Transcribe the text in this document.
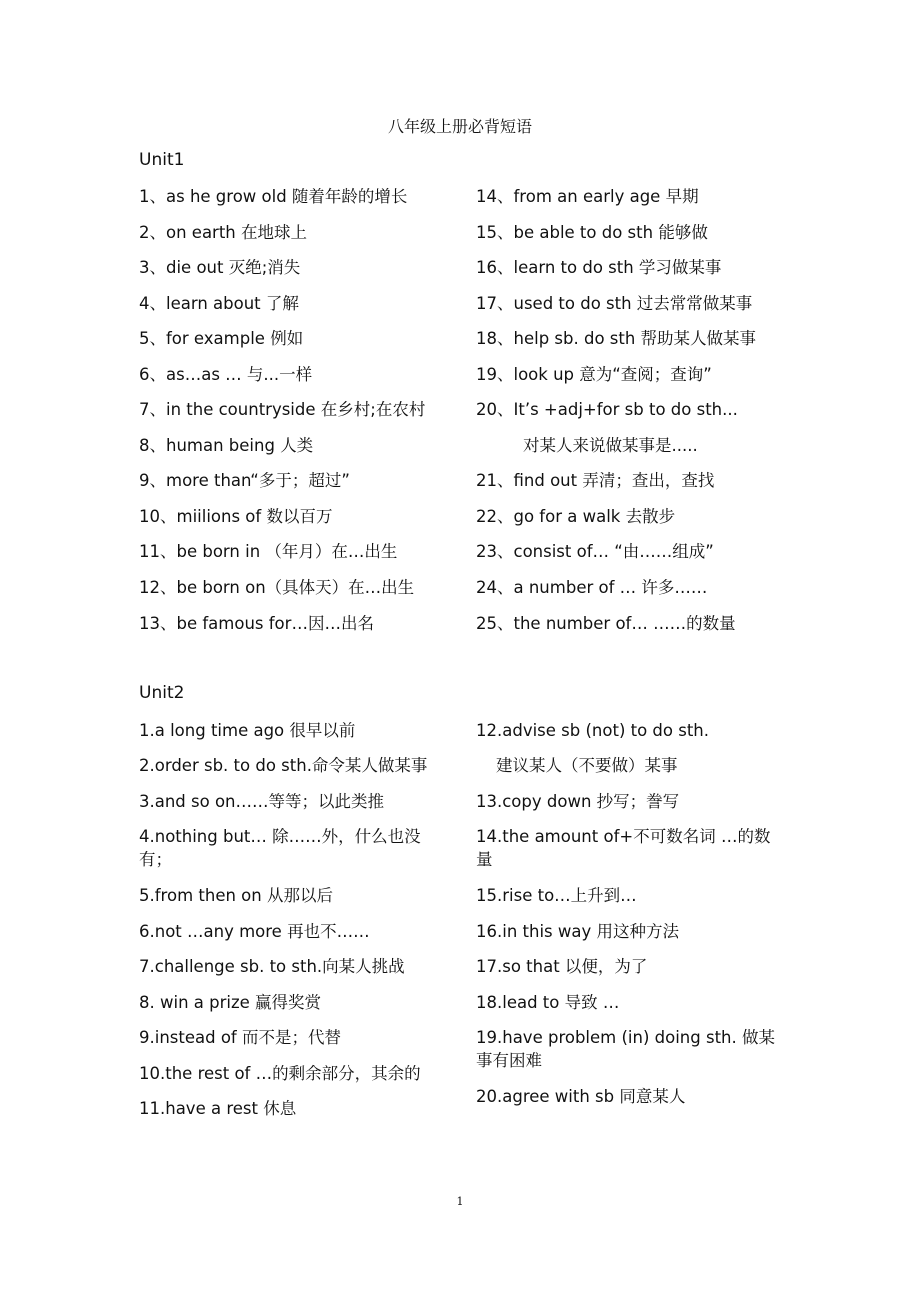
八年级上册必背短语
Unit1
1、as he grow old 随着年龄的增长
2、on earth 在地球上
3、die out 灭绝;消失
4、learn about 了解
5、for example 例如
6、as…as … 与...一样
7、in the countryside 在乡村;在农村
8、human being 人类
9、more than“多于；超过”
10、miilions of 数以百万
11、be born in （年月）在…出生
12、be born on（具体天）在…出生
13、be famous for…因…出名
14、from an early age 早期
15、be able to do sth 能够做
16、learn to do sth 学习做某事
17、used to do sth 过去常常做某事
18、help sb. do sth 帮助某人做某事
19、look up 意为“查阅；查询”
20、It’s +adj+for sb to do sth...
对某人来说做某事是.....
21、find out 弄清；查出，查找
22、go for a walk 去散步
23、consist of… “由……组成”
24、a number of … 许多……
25、the number of… ……的数量
Unit2
1.a long time ago 很早以前
2.order sb. to do sth.命令某人做某事
3.and so on……等等；以此类推
4.nothing but… 除……外，什么也没有；
5.from then on 从那以后
6.not …any more 再也不……
7.challenge sb. to sth.向某人挑战
8. win a prize 赢得奖赏
9.instead of 而不是；代替
10.the rest of …的剩余部分，其余的
11.have a rest 休息
12.advise sb (not) to do sth.
建议某人（不要做）某事
13.copy down 抄写；誊写
14.the amount of+不可数名词 …的数量
15.rise to…上升到…
16.in this way 用这种方法
17.so that 以便，为了
18.lead to 导致 …
19.have problem (in) doing sth. 做某事有困难
20.agree with sb 同意某人
1
